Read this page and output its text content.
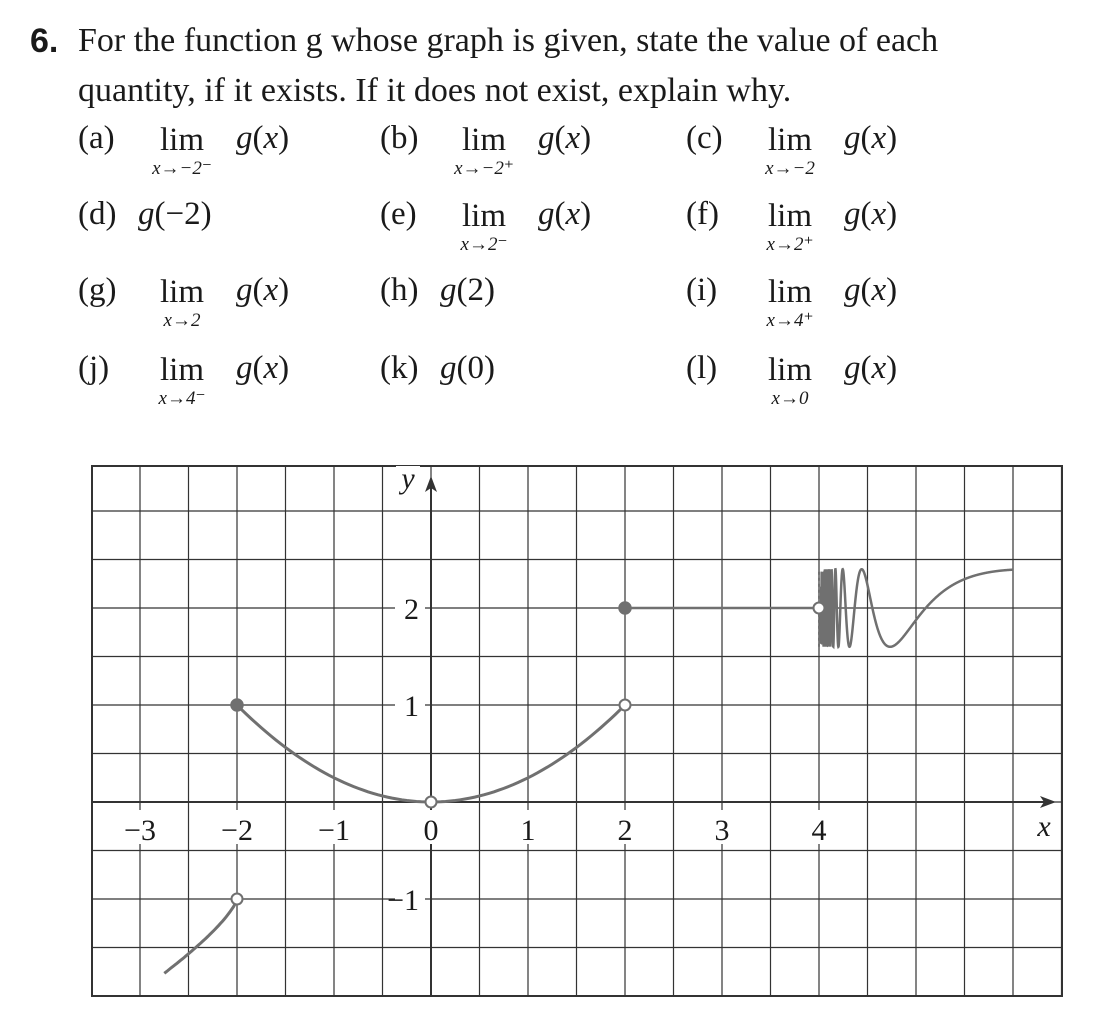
6. For the function g whose graph is given, state the value of each
quantity, if it exists. If it does not exist, explain why.
(a)	lim
x→−2⁻
g(x)	(b)	lim
x→−2⁺
g(x)	(c)	lim
x→−2
g(x)
(d) g(−2)	(e)	lim
x→2⁻
g(x)	(f)	lim
x→2⁺
g(x)
(g)	lim
x→2
g(x)	(h) g(2)	(i)	lim
x→4⁺
g(x)
(j)	lim
x→4⁻
g(x)	(k) g(0)	(l)	lim
x→0
g(x)
−3 −2 −1 0	1	2	3	4
2
1
−1
x
y
